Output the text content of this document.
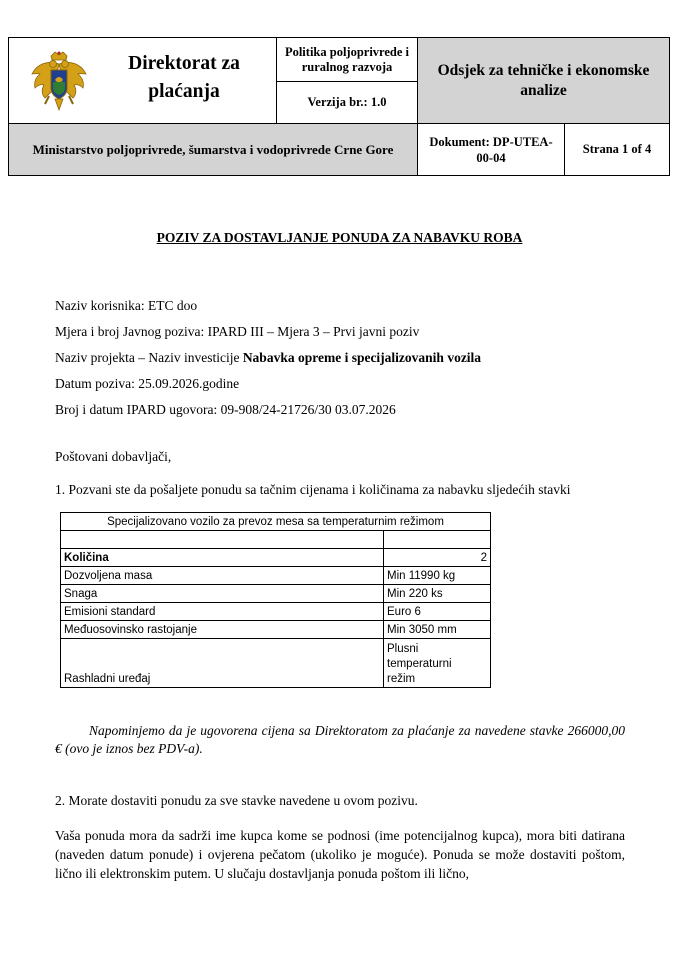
Direktorat za plaćanja
Politika poljoprivrede i ruralnog razvoja
Verzija br.: 1.0
Odsjek za tehničke i ekonomske analize
Ministarstvo poljoprivrede, šumarstva i vodoprivrede Crne Gore
Dokument: DP-UTEA-00-04
Strana 1 of 4
POZIV ZA DOSTAVLJANJE PONUDA ZA NABAVKU ROBA
Naziv korisnika: ETC doo
Mjera i broj Javnog poziva: IPARD III – Mjera 3 – Prvi javni poziv
Naziv projekta – Naziv investicije Nabavka opreme i specijalizovanih vozila
Datum poziva: 25.09.2026.godine
Broj i datum IPARD ugovora: 09-908/24-21726/30 03.07.2026
Poštovani dobavljači,
1. Pozvani ste da pošaljete ponudu sa tačnim cijenama i količinama za nabavku sljedećih stavki
Specijalizovano vozilo za prevoz mesa sa temperaturnim režimom	

Količina	2
Dozvoljena masa	Min 11990 kg
Snaga	Min 220 ks
Emisioni standard	Euro 6
Međuosovinsko rastojanje	Min 3050 mm
Rashladni uređaj	Plusni
temperaturni
režim
Napominjemo da je ugovorena cijena sa Direktoratom za plaćanje za navedene stavke 266000,00 € (ovo je iznos bez PDV-a).
2. Morate dostaviti ponudu za sve stavke navedene u ovom pozivu.
Vaša ponuda mora da sadrži ime kupca kome se podnosi (ime potencijalnog kupca), mora biti datirana (naveden datum ponude) i ovjerena pečatom (ukoliko je moguće). Ponuda se može dostaviti poštom, lično ili elektronskim putem. U slučaju dostavljanja ponuda poštom ili lično,
